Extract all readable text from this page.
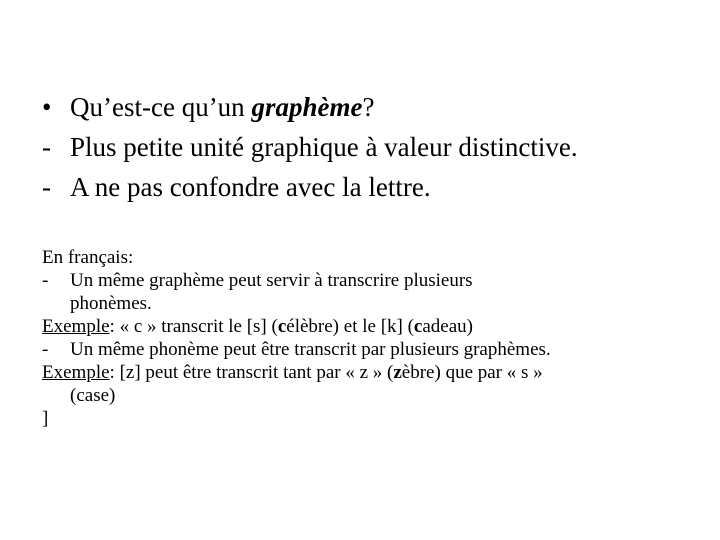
• Qu’est-ce qu’un graphème?
- Plus petite unité graphique à valeur distinctive.
- A ne pas confondre avec la lettre.
En français:
- Un même graphème peut servir à transcrire plusieurs
phonèmes.
Exemple: « c » transcrit le [s] (célèbre) et le [k] (cadeau)
- Un même phonème peut être transcrit par plusieurs graphèmes.
Exemple: [z] peut être transcrit tant par « z » (zèbre) que par « s »
(case)
]
